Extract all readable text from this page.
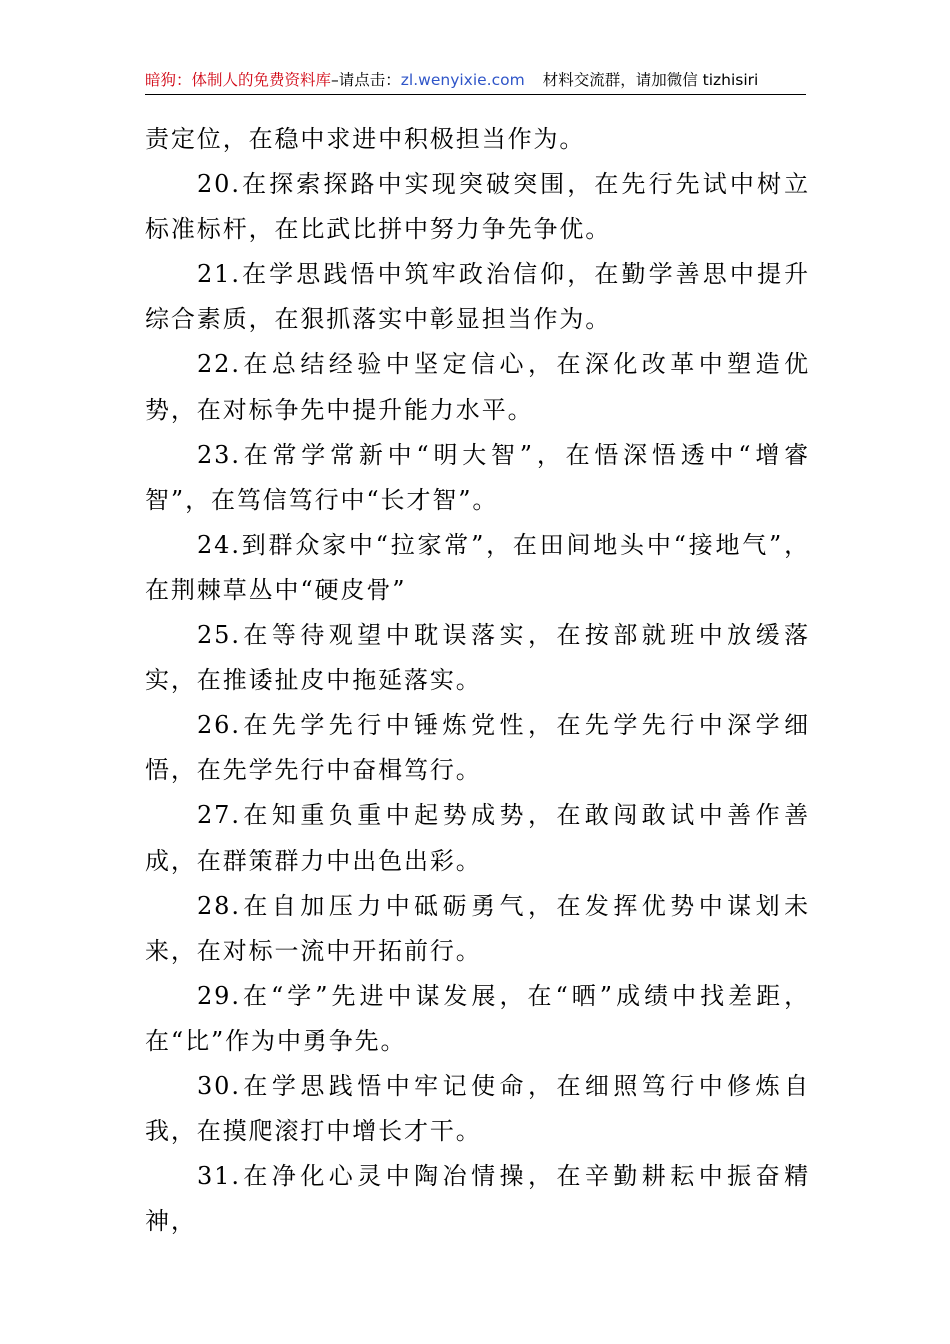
暗狗：体制人的免费资料库–请点击：zl.wenyixie.com 材料交流群，请加微信 tizhisiri

责定位，在稳中求进中积极担当作为。

20.在探索探路中实现突破突围，在先行先试中树立标准标杆，在比武比拼中努力争先争优。

21.在学思践悟中筑牢政治信仰，在勤学善思中提升综合素质，在狠抓落实中彰显担当作为。

22.在总结经验中坚定信心，在深化改革中塑造优势，在对标争先中提升能力水平。

23.在常学常新中“明大智”，在悟深悟透中“增睿智”，在笃信笃行中“长才智”。

24.到群众家中“拉家常”，在田间地头中“接地气”，在荆棘草丛中“硬皮骨”

25.在等待观望中耽误落实，在按部就班中放缓落实，在推诿扯皮中拖延落实。

26.在先学先行中锤炼党性，在先学先行中深学细悟，在先学先行中奋楫笃行。

27.在知重负重中起势成势，在敢闯敢试中善作善成，在群策群力中出色出彩。

28.在自加压力中砥砺勇气，在发挥优势中谋划未来，在对标一流中开拓前行。

29.在“学”先进中谋发展，在“晒”成绩中找差距，在“比”作为中勇争先。

30.在学思践悟中牢记使命，在细照笃行中修炼自我，在摸爬滚打中增长才干。

31.在净化心灵中陶冶情操，在辛勤耕耘中振奋精神，
